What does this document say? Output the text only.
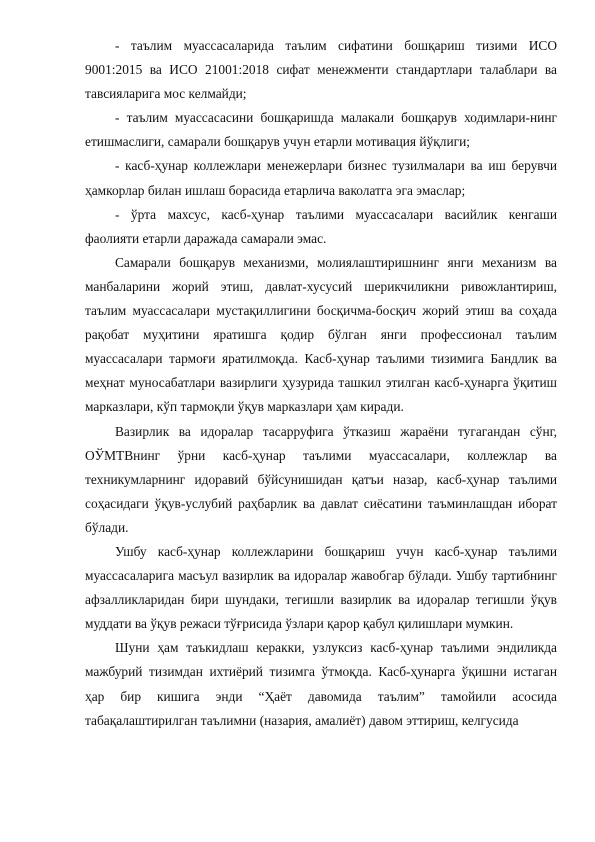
- таълим муассасаларида таълим сифатини бошқариш тизими ИСО 9001:2015 ва ИСО 21001:2018 сифат менежменти стандартлари талаблари ва тавсияларига мос келмайди;

- таълим муассасасини бошқаришда малакали бошқарув ходимлари-нинг етишмаслиги, самарали бошқарув учун етарли мотивация йўқлиги;

- касб-ҳунар коллежлари менежерлари бизнес тузилмалари ва иш берувчи ҳамкорлар билан ишлаш борасида етарлича ваколатга эга эмаслар;

- ўрта махсус, касб-ҳунар таълими муассасалари васийлик кенгаши фаолияти етарли даражада самарали эмас.

Самарали бошқарув механизми, молиялаштиришнинг янги механизм ва манбаларини жорий этиш, давлат-хусусий шерикчиликни ривожлантириш, таълим муассасалари мустақиллигини босқичма-босқич жорий этиш ва соҳада рақобат муҳитини яратишга қодир бўлган янги профессионал таълим муассасалари тармоғи яратилмоқда. Касб-ҳунар таълими тизимига Бандлик ва меҳнат муносабатлари вазирлиги ҳузурида ташкил этилган касб-ҳунарга ўқитиш марказлари, кўп тармоқли ўқув марказлари ҳам киради.

Вазирлик ва идоралар тасарруфига ўтказиш жараёни тугагандан сўнг, ОЎМТВнинг ўрни касб-ҳунар таълими муассасалари, коллежлар ва техникумларнинг идоравий бўйсунишидан қатъи назар, касб-ҳунар таълими соҳасидаги ўқув-услубий раҳбарлик ва давлат сиёсатини таъминлашдан иборат бўлади.

Ушбу касб-ҳунар коллежларини бошқариш учун касб-ҳунар таълими муассасаларига масъул вазирлик ва идоралар жавобгар бўлади. Ушбу тартибнинг афзалликларидан бири шундаки, тегишли вазирлик ва идоралар тегишли ўқув муддати ва ўқув режаси тўғрисида ўзлари қарор қабул қилишлари мумкин.

Шуни ҳам таъкидлаш керакки, узлуксиз касб-ҳунар таълими эндиликда мажбурий тизимдан ихтиёрий тизимга ўтмоқда. Касб-ҳунарга ўқишни истаган ҳар бир кишига энди “Ҳаёт давомида таълим” тамойили асосида табақалаштирилган таълимни (назария, амалиёт) давом эттириш, келгусида
